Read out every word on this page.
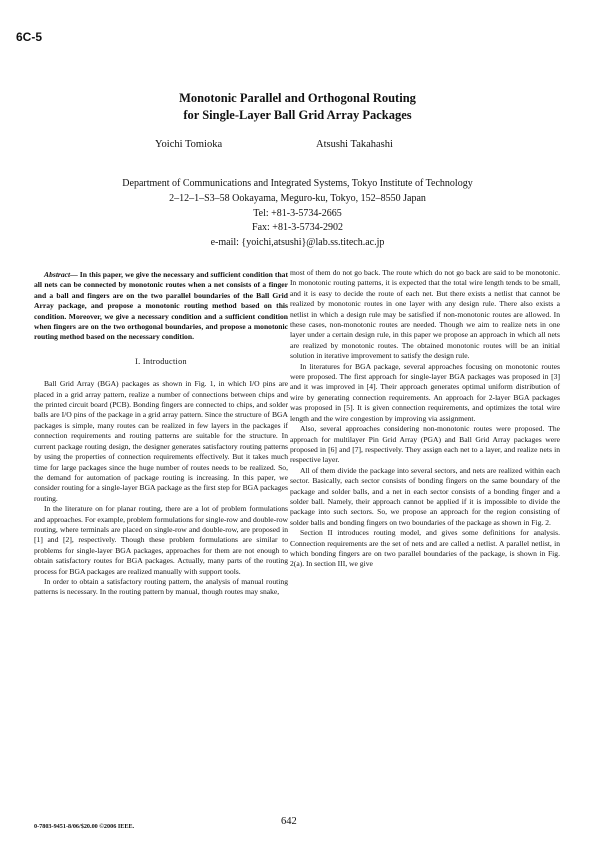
6C-5
Monotonic Parallel and Orthogonal Routing
for Single-Layer Ball Grid Array Packages
Yoichi Tomioka	Atsushi Takahashi
Department of Communications and Integrated Systems, Tokyo Institute of Technology
2–12–1–S3–58 Ookayama, Meguro-ku, Tokyo, 152–8550 Japan
Tel: +81-3-5734-2665
Fax: +81-3-5734-2902
e-mail: {yoichi,atsushi}@lab.ss.titech.ac.jp

Abstract— In this paper, we give the necessary and sufficient condition that all nets can be connected by monotonic routes when a net consists of a finger and a ball and fingers are on the two parallel boundaries of the Ball Grid Array package, and propose a monotonic routing method based on this condition. Moreover, we give a necessary condition and a sufficient condition when fingers are on the two orthogonal boundaries, and propose a monotonic routing method based on the necessary condition.

I. Introduction

Ball Grid Array (BGA) packages as shown in Fig. 1, in which I/O pins are placed in a grid array pattern, realize a number of connections between chips and the printed circuit board (PCB). Bonding fingers are connected to chips, and solder balls are I/O pins of the package in a grid array pattern. Since the structure of BGA packages is simple, many routes can be realized in few layers in the packages if connection requirements and routing patterns are suitable for the structure. In current package routing design, the designer generates satisfactory routing patterns by using the properties of connection requirements effectively. But it takes much time for large packages since the huge number of routes needs to be realized. So, the demand for automation of package routing is increasing. In this paper, we consider routing for a single-layer BGA package as the first step for BGA packages routing.

In the literature on for planar routing, there are a lot of problem formulations and approaches. For example, problem formulations for single-row and double-row routing, where terminals are placed on single-row and double-row, are proposed in [1] and [2], respectively. Though these problem formulations are similar to problems for single-layer BGA packages, approaches for them are not enough to obtain satisfactory routes for BGA packages. Actually, many parts of the routing process for BGA packages are realized manually with support tools.

In order to obtain a satisfactory routing pattern, the analysis of manual routing patterns is necessary. In the routing pattern by manual, though routes may snake,

most of them do not go back. The route which do not go back are said to be monotonic. In monotonic routing patterns, it is expected that the total wire length tends to be small, and it is easy to decide the route of each net. But there exists a netlist that cannot be realized by monotonic routes in one layer with any design rule. There also exists a netlist in which a design rule may be satisfied if non-monotonic routes are allowed. In these cases, non-monotonic routes are needed. Though we aim to realize nets in one layer under a certain design rule, in this paper we propose an approach in which all nets are realized by monotonic routes. The obtained monotonic routes will be an initial solution in iterative improvement to satisfy the design rule.

In literatures for BGA package, several approaches focusing on monotonic routes were proposed. The first approach for single-layer BGA packages was proposed in [3] and it was improved in [4]. Their approach generates optimal uniform distribution of wire by generating connection requirements. An approach for 2-layer BGA packages was proposed in [5]. It is given connection requirements, and optimizes the total wire length and the wire congestion by improving via assignment.

Also, several approaches considering non-monotonic routes were proposed. The approach for multilayer Pin Grid Array (PGA) and Ball Grid Array packages were proposed in [6] and [7], respectively. They assign each net to a layer, and realize nets in respective layer.

All of them divide the package into several sectors, and nets are realized within each sector. Basically, each sector consists of bonding fingers on the same boundary of the package and solder balls, and a net in each sector consists of a bonding finger and a solder ball. Namely, their approach cannot be applied if it is impossible to divide the package into such sectors. So, we propose an approach for the region consisting of solder balls and bonding fingers on two boundaries of the package as shown in Fig. 2.

Section II introduces routing model, and gives some definitions for analysis. Connection requirements are the set of nets and are called a netlist. A parallel netlist, in which bonding fingers are on two parallel boundaries of the package, is shown in Fig. 2(a). In section III, we give

0-7803-9451-8/06/$20.00 ©2006 IEEE.	642
